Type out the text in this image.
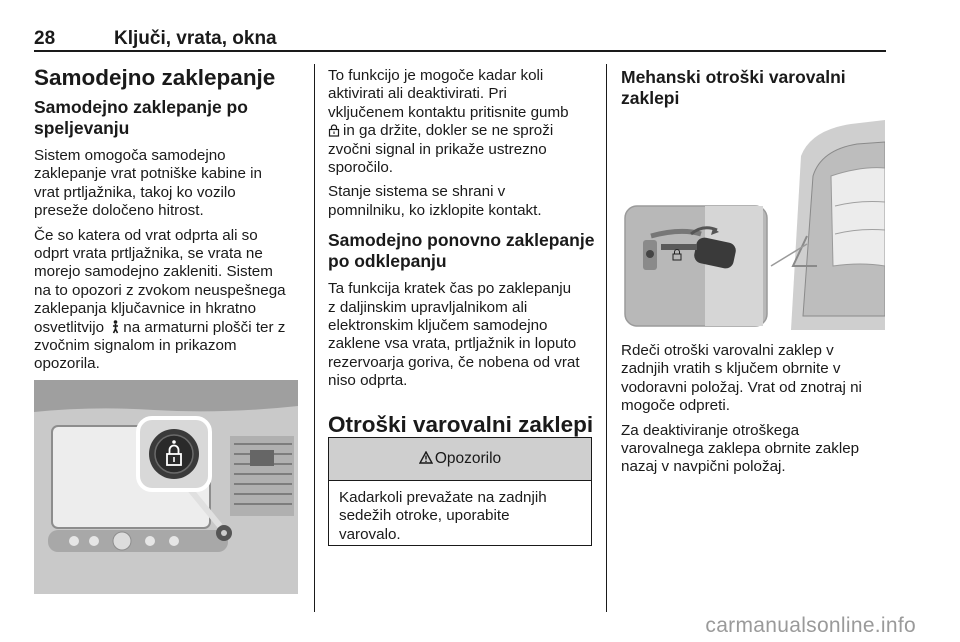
28	Ključi, vrata, okna
Samodejno zaklepanje
Samodejno zaklepanje po
speljevanju
Sistem omogoča samodejno
zaklepanje vrat potniške kabine in
vrat prtljažnika, takoj ko vozilo
preseže določeno hitrost.
Če so katera od vrat odprta ali so
odprt vrata prtljažnika, se vrata ne
morejo samodejno zakleniti. Sistem
na to opozori z zvokom neuspešnega
zaklepanja ključavnice in hkratno
osvetlitvijo na armaturni plošči ter z
zvočnim signalom in prikazom
opozorila.
To funkcijo je mogoče kadar koli
aktivirati ali deaktivirati. Pri
vključenem kontaktu pritisnite gumb
in ga držite, dokler se ne sproži
zvočni signal in prikaže ustrezno
sporočilo.
Stanje sistema se shrani v
pomnilniku, ko izklopite kontakt.
Samodejno ponovno zaklepanje
po odklepanju
Ta funkcija kratek čas po zaklepanju
z daljinskim upravljalnikom ali
elektronskim ključem samodejno
zaklene vsa vrata, prtljažnik in loputo
rezervoarja goriva, če nobena od vrat
niso odprta.
Otroški varovalni zaklepi
Opozorilo
Kadarkoli prevažate na zadnjih
sedežih otroke, uporabite
varovalo.
Mehanski otroški varovalni
zaklepi
Rdeči otroški varovalni zaklep v
zadnjih vratih s ključem obrnite v
vodoravni položaj. Vrat od znotraj ni
mogoče odpreti.
Za deaktiviranje otroškega
varovalnega zaklepa obrnite zaklep
nazaj v navpični položaj.
carmanualsonline.info
